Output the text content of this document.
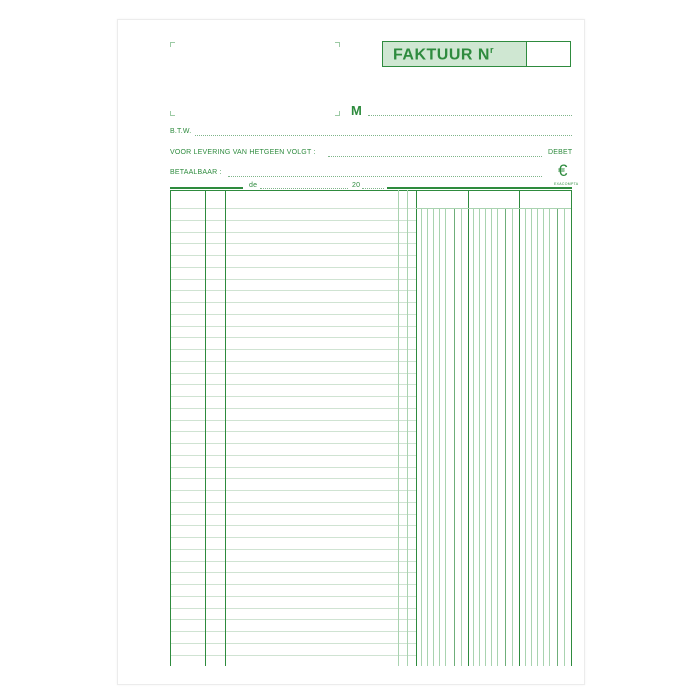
FAKTUUR $N^r$
M
B.T.W.
VOOR LEVERING VAN HETGEEN VOLGT :	DEBET
BETAALBAAR :	€
EXACOMPTA
de	20
